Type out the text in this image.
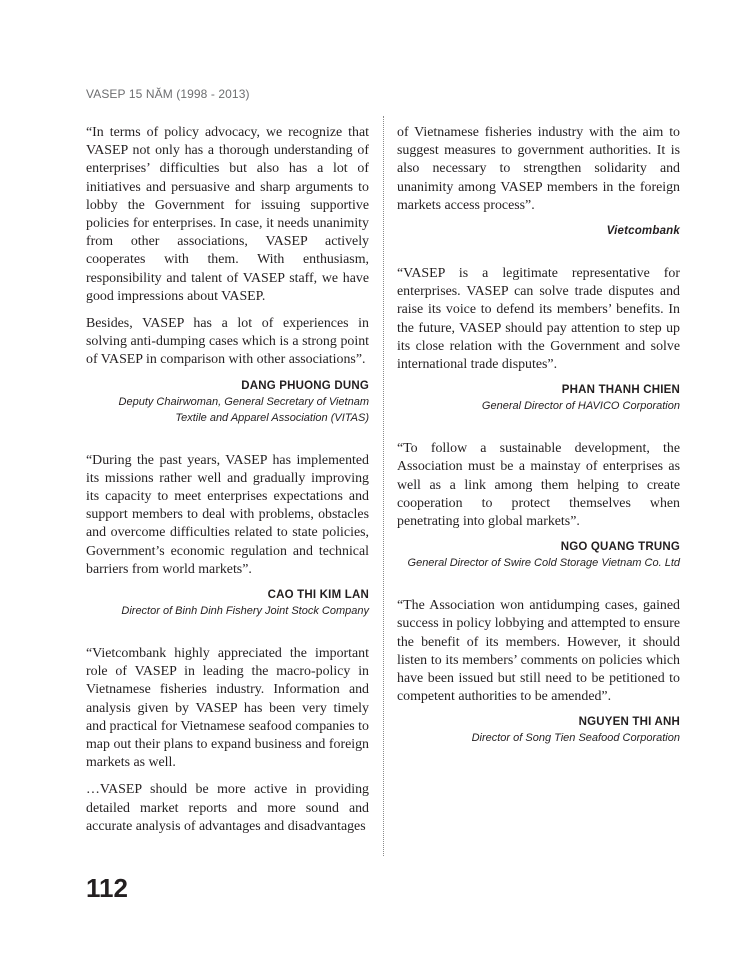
VASEP 15 NĂM (1998 - 2013)

“In terms of policy advocacy, we recognize that VASEP not only has a thorough understanding of enterprises’ difficulties but also has a lot of initiatives and persuasive and sharp arguments to lobby the Government for issuing supportive policies for enterprises. In case, it needs unanimity from other associations, VASEP actively cooperates with them. With enthusiasm, responsibility and talent of VASEP staff, we have good impressions about VASEP.

Besides, VASEP has a lot of experiences in solving anti-dumping cases which is a strong point of VASEP in comparison with other associations”.

DANG PHUONG DUNG

Deputy Chairwoman, General Secretary of Vietnam Textile and Apparel Association (VITAS)

“During the past years, VASEP has implemented its missions rather well and gradually improving its capacity to meet enterprises expectations and support members to deal with problems, obstacles and overcome difficulties related to state policies, Government’s economic regulation and technical barriers from world markets”.

CAO THI KIM LAN

Director of Binh Dinh Fishery Joint Stock Company

“Vietcombank highly appreciated the important role of VASEP in leading the macro-policy in Vietnamese fisheries industry. Information and analysis given by VASEP has been very timely and practical for Vietnamese seafood companies to map out their plans to expand business and foreign markets as well.

…VASEP should be more active in providing detailed market reports and more sound and accurate analysis of advantages and disadvantages

of Vietnamese fisheries industry with the aim to suggest measures to government authorities. It is also necessary to strengthen solidarity and unanimity among VASEP members in the foreign markets access process”.

Vietcombank

“VASEP is a legitimate representative for enterprises. VASEP can solve trade disputes and raise its voice to defend its members’ benefits. In the future, VASEP should pay attention to step up its close relation with the Government and solve international trade disputes”.

PHAN THANH CHIEN

General Director of HAVICO Corporation

“To follow a sustainable development, the Association must be a mainstay of enterprises as well as a link among them helping to create cooperation to protect themselves when penetrating into global markets”.

NGO QUANG TRUNG

General Director of Swire Cold Storage Vietnam Co. Ltd

“The Association won antidumping cases, gained success in policy lobbying and attempted to ensure the benefit of its members. However, it should listen to its members’ comments on policies which have been issued but still need to be petitioned to competent authorities to be amended”.

NGUYEN THI ANH

Director of Song Tien Seafood Corporation

112
